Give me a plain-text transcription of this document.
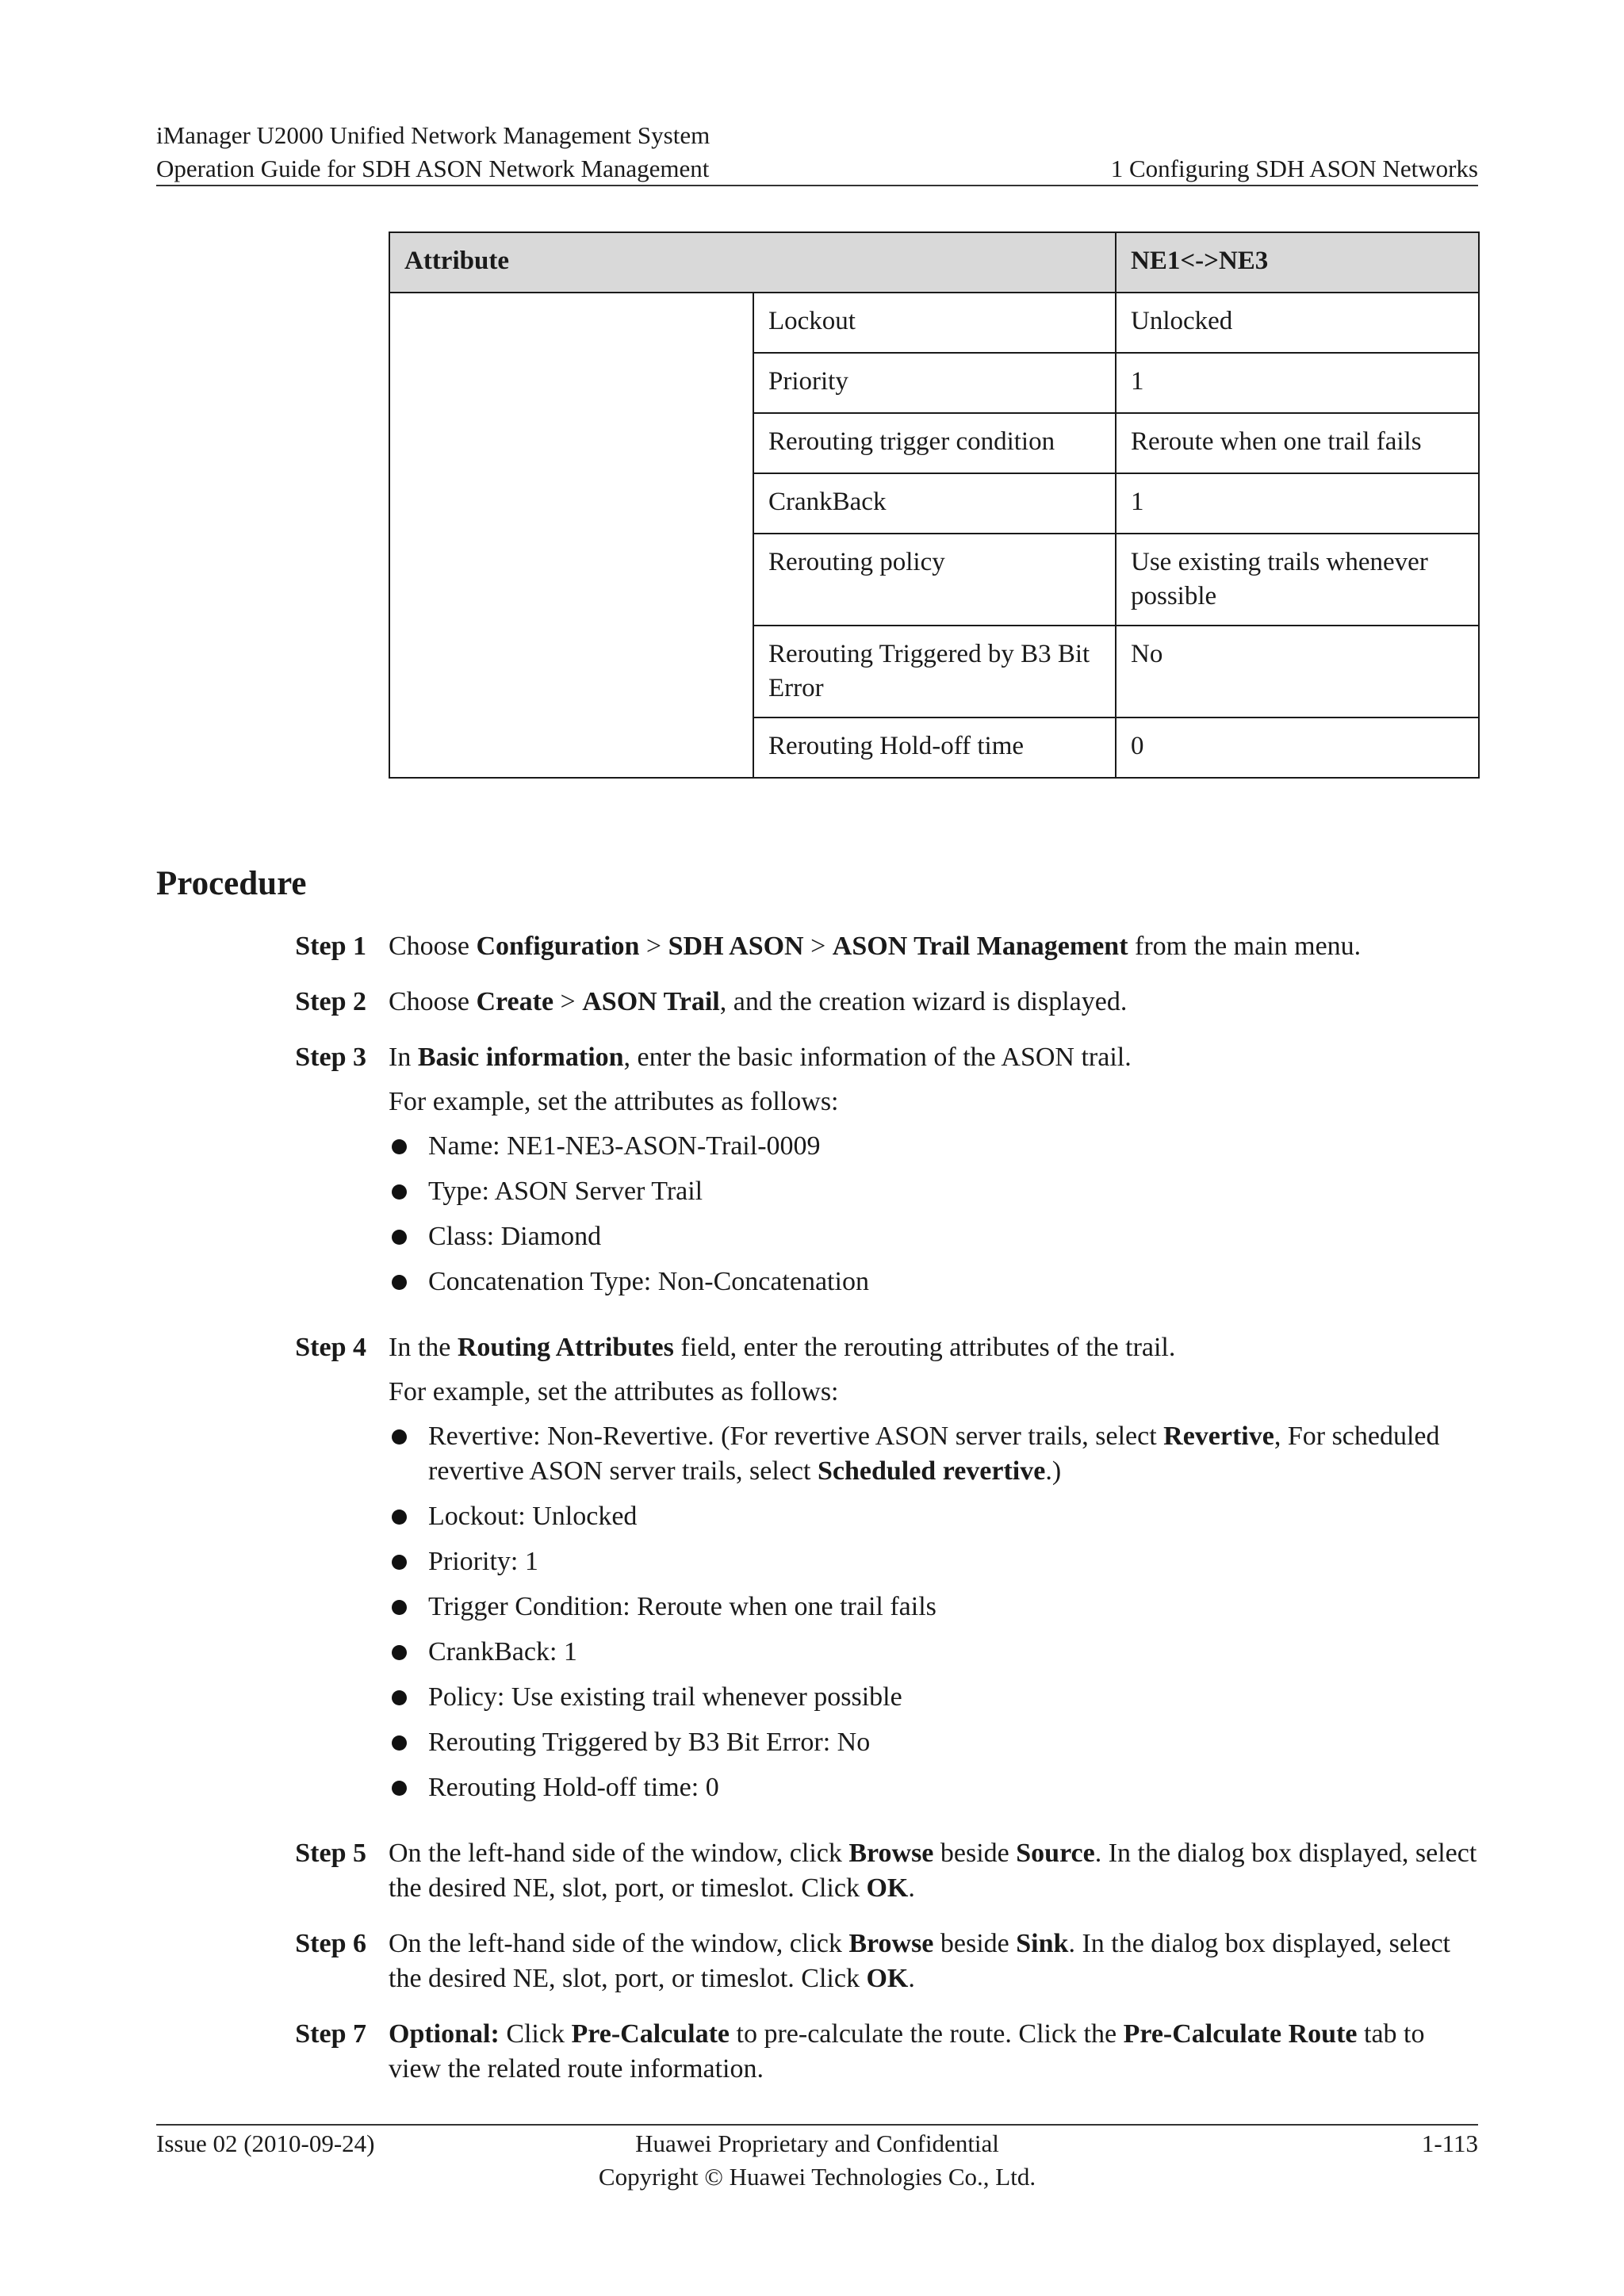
iManager U2000 Unified Network Management System
Operation Guide for SDH ASON Network Management	1 Configuring SDH ASON Networks
Attribute		NE1<->NE3
	Lockout	Unlocked
	Priority	1
	Rerouting trigger condition	Reroute when one trail fails
	CrankBack	1
	Rerouting policy	Use existing trails whenever possible
	Rerouting Triggered by B3 Bit Error	No
	Rerouting Hold-off time	0
Procedure
Step 1 Choose Configuration > SDH ASON > ASON Trail Management from the main menu.

Step 2 Choose Create > ASON Trail, and the creation wizard is displayed.

Step 3 In Basic information, enter the basic information of the ASON trail.

For example, set the attributes as follows:

Name: NE1-NE3-ASON-Trail-0009
Type: ASON Server Trail
Class: Diamond
Concatenation Type: Non-Concatenation
Step 4 In the Routing Attributes field, enter the rerouting attributes of the trail.

For example, set the attributes as follows:

Revertive: Non-Revertive. (For revertive ASON server trails, select Revertive, For scheduled revertive ASON server trails, select Scheduled revertive.)
Lockout: Unlocked
Priority: 1
Trigger Condition: Reroute when one trail fails
CrankBack: 1
Policy: Use existing trail whenever possible
Rerouting Triggered by B3 Bit Error: No
Rerouting Hold-off time: 0
Step 5 On the left-hand side of the window, click Browse beside Source. In the dialog box displayed, select the desired NE, slot, port, or timeslot. Click OK.

Step 6 On the left-hand side of the window, click Browse beside Sink. In the dialog box displayed, select the desired NE, slot, port, or timeslot. Click OK.

Step 7 Optional: Click Pre-Calculate to pre-calculate the route. Click the Pre-Calculate Route tab to view the related route information.

Issue 02 (2010-09-24)	Huawei Proprietary and Confidential
Copyright © Huawei Technologies Co., Ltd.
1-113
